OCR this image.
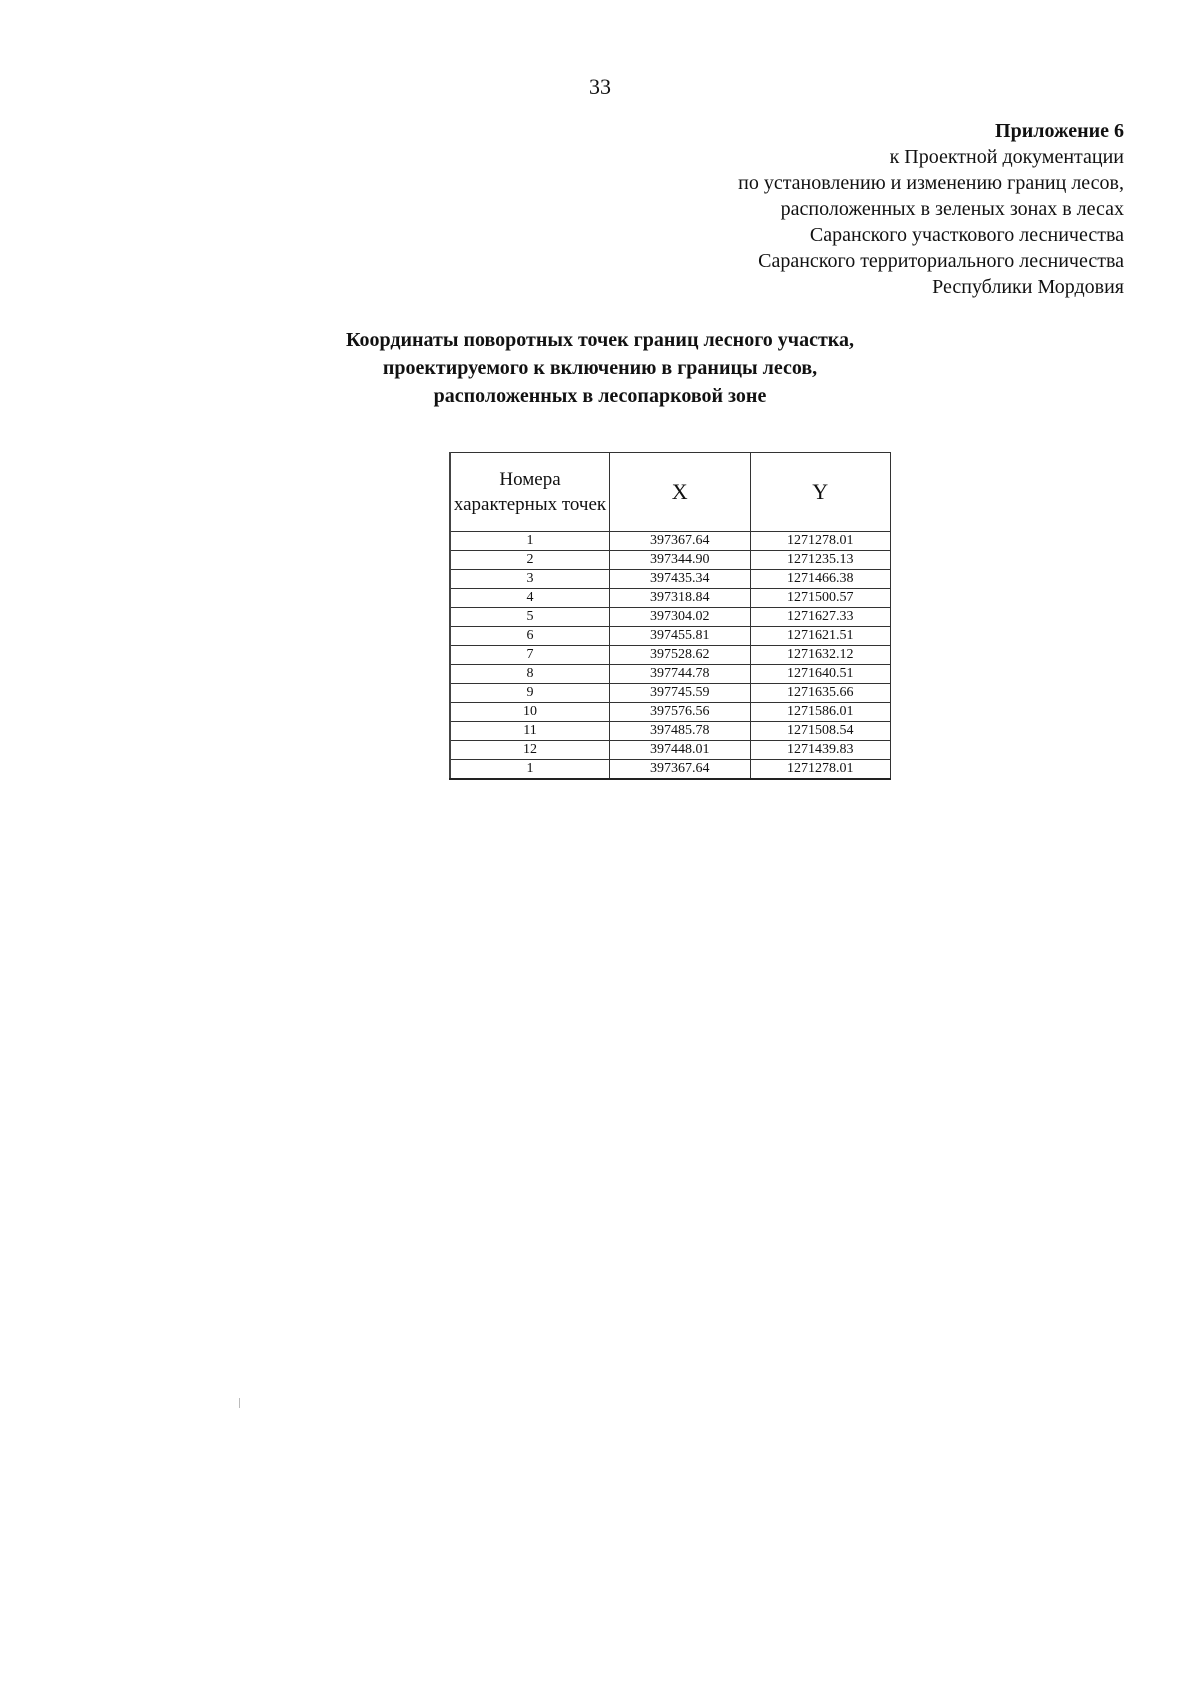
33
Приложение 6
к Проектной документации
по установлению и изменению границ лесов,
расположенных в зеленых зонах в лесах
Саранского участкового лесничества
Саранского территориального лесничества
Республики Мордовия
Координаты поворотных точек границ лесного участка,
проектируемого к включению в границы лесов,
расположенных в лесопарковой зоне
Номера характерных точек	X	Y
1	397367.64	1271278.01
2	397344.90	1271235.13
3	397435.34	1271466.38
4	397318.84	1271500.57
5	397304.02	1271627.33
6	397455.81	1271621.51
7	397528.62	1271632.12
8	397744.78	1271640.51
9	397745.59	1271635.66
10	397576.56	1271586.01
11	397485.78	1271508.54
12	397448.01	1271439.83
1	397367.64	1271278.01
